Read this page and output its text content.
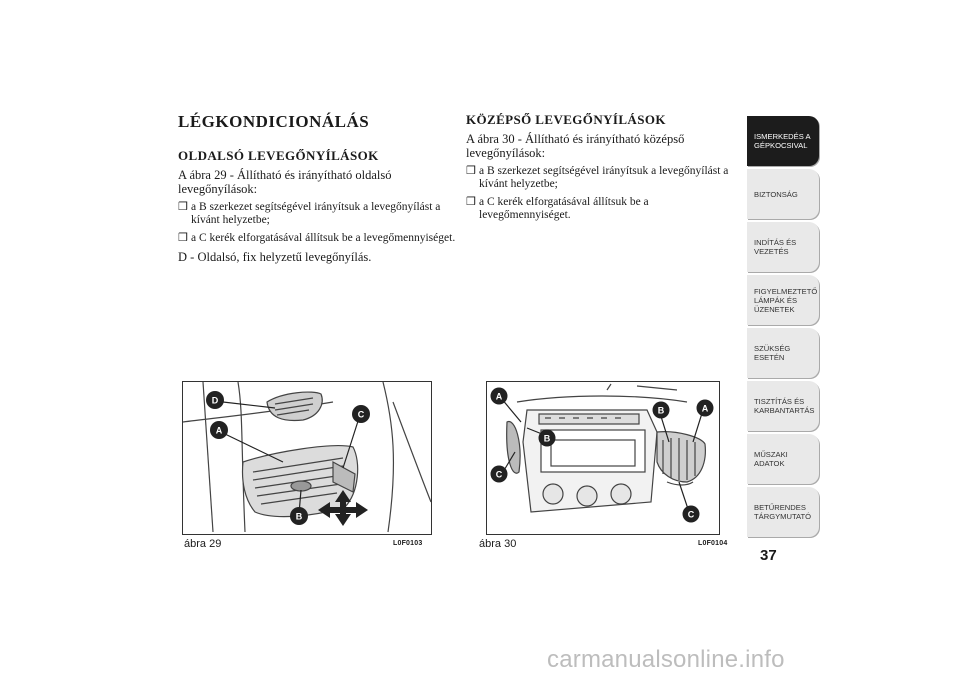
LÉGKONDICIONÁLÁS
OLDALSÓ LEVEGŐNYÍLÁSOK
A ábra 29 - Állítható és irányítható oldalsó levegőnyílások:
❒ a B szerkezet segítségével irányítsuk a levegőnyílást a kívánt helyzetbe;
❒ a C kerék elforgatásával állítsuk be a levegőmennyiséget.
D - Oldalsó, fix helyzetű levegőnyílás.
KÖZÉPSŐ LEVEGŐNYÍLÁSOK
A ábra 30 - Állítható és irányítható középső levegőnyílások:
❒ a B szerkezet segítségével irányítsuk a levegőnyílást a kívánt helyzetbe;
❒ a C kerék elforgatásával állítsuk be a levegőmennyiséget.
D
A
C
B
ábra 29	L0F0103
A
B
B	A
C
C
ábra 30	L0F0104
ISMERKEDÉS A GÉPKOCSIVAL
BIZTONSÁG
INDÍTÁS ÉS VEZETÉS
FIGYELMEZTETŐ LÁMPÁK ÉS ÜZENETEK
SZÜKSÉG ESETÉN
TISZTÍTÁS ÉS KARBANTARTÁS
MŰSZAKI ADATOK
BETŰRENDES TÁRGYMUTATÓ
37
carmanualsonline.info
